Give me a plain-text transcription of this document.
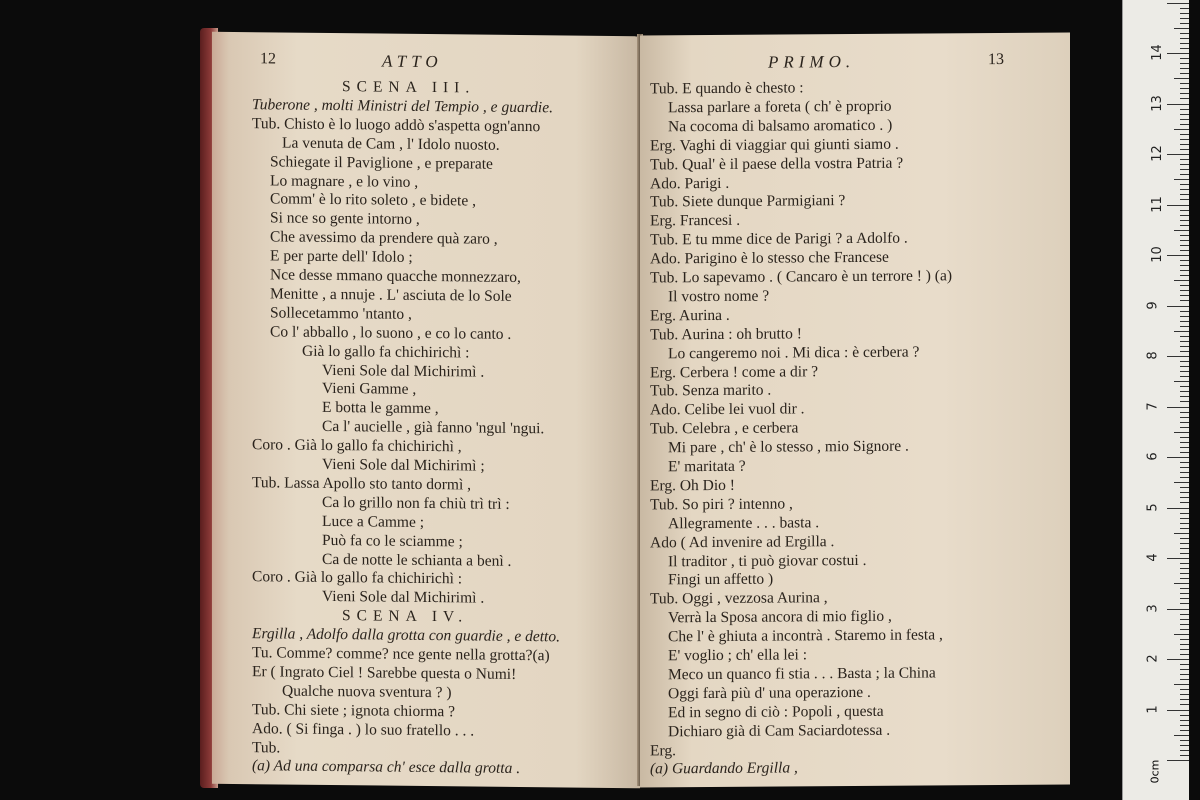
12	ATTO
SCENA III.
Tuberone , molti Ministri del Tempio , e guardie.
Tub. Chisto è lo luogo addò s'aspetta ogn'anno
La venuta de Cam , l' Idolo nuosto.
Schiegate il Paviglione , e preparate
Lo magnare , e lo vino ,
Comm' è lo rito soleto , e bidete ,
Si nce so gente intorno ,
Che avessimo da prendere quà zaro ,
E per parte dell' Idolo ;
Nce desse mmano quacche monnezzaro,
Menitte , a nnuje . L' asciuta de lo Sole
Sollecetammo 'ntanto ,
Co l' abballo , lo suono , e co lo canto .
Già lo gallo fa chichirichì :
Vieni Sole dal Michirimì .
Vieni Gamme ,
E botta le gamme ,
Ca l' aucielle , già fanno 'ngul 'ngui.
Coro . Già lo gallo fa chichirichì ,
Vieni Sole dal Michirimì ;
Tub. Lassa Apollo sto tanto dormì ,
Ca lo grillo non fa chiù trì trì :
Luce a Camme ;
Può fa co le sciamme ;
Ca de notte le schianta a benì .
Coro . Già lo gallo fa chichirichì :
Vieni Sole dal Michirimì .
SCENA IV.
Ergilla , Adolfo dalla grotta con guardie , e detto.
Tu. Comme? comme? nce gente nella grotta?(a)
Er ( Ingrato Ciel ! Sarebbe questa o Numi!
Qualche nuova sventura ? )
Tub. Chi siete ; ignota chiorma ?
Ado. ( Si finga . ) lo suo fratello . . .
Tub.
(a) Ad una comparsa ch' esce dalla grotta .
PRIMO.	13
Tub. E quando è chesto :
Lassa parlare a foreta ( ch' è proprio
Na cocoma di balsamo aromatico . )
Erg. Vaghi di viaggiar qui giunti siamo .
Tub. Qual' è il paese della vostra Patria ?
Ado. Parigi .
Tub. Siete dunque Parmigiani ?
Erg. Francesi .
Tub. E tu mme dice de Parigi ? a Adolfo .
Ado. Parigino è lo stesso che Francese
Tub. Lo sapevamo . ( Cancaro è un terrore ! ) (a)
Il vostro nome ?
Erg. Aurina .
Tub. Aurina : oh brutto !
Lo cangeremo noi . Mi dica : è cerbera ?
Erg. Cerbera ! come a dir ?
Tub. Senza marito .
Ado. Celibe lei vuol dir .
Tub. Celebra , e cerbera
Mi pare , ch' è lo stesso , mio Signore .
E' maritata ?
Erg. Oh Dio !
Tub. So piri ? intenno ,
Allegramente . . . basta .
Ado ( Ad invenire ad Ergilla .
Il traditor , ti può giovar costui .
Fingi un affetto )
Tub. Oggi , vezzosa Aurina ,
Verrà la Sposa ancora di mio figlio ,
Che l' è ghiuta a incontrà . Staremo in festa ,
E' voglio ; ch' ella lei :
Meco un quanco fi stia . . . Basta ; la China
Oggi farà più d' una operazione .
Ed in segno di ciò : Popoli , questa
Dichiaro già di Cam Saciardotessa .
Erg.
(a) Guardando Ergilla ,
1
2
3
4
5
6
7
8
9
10
11
12
13
14
0cm
